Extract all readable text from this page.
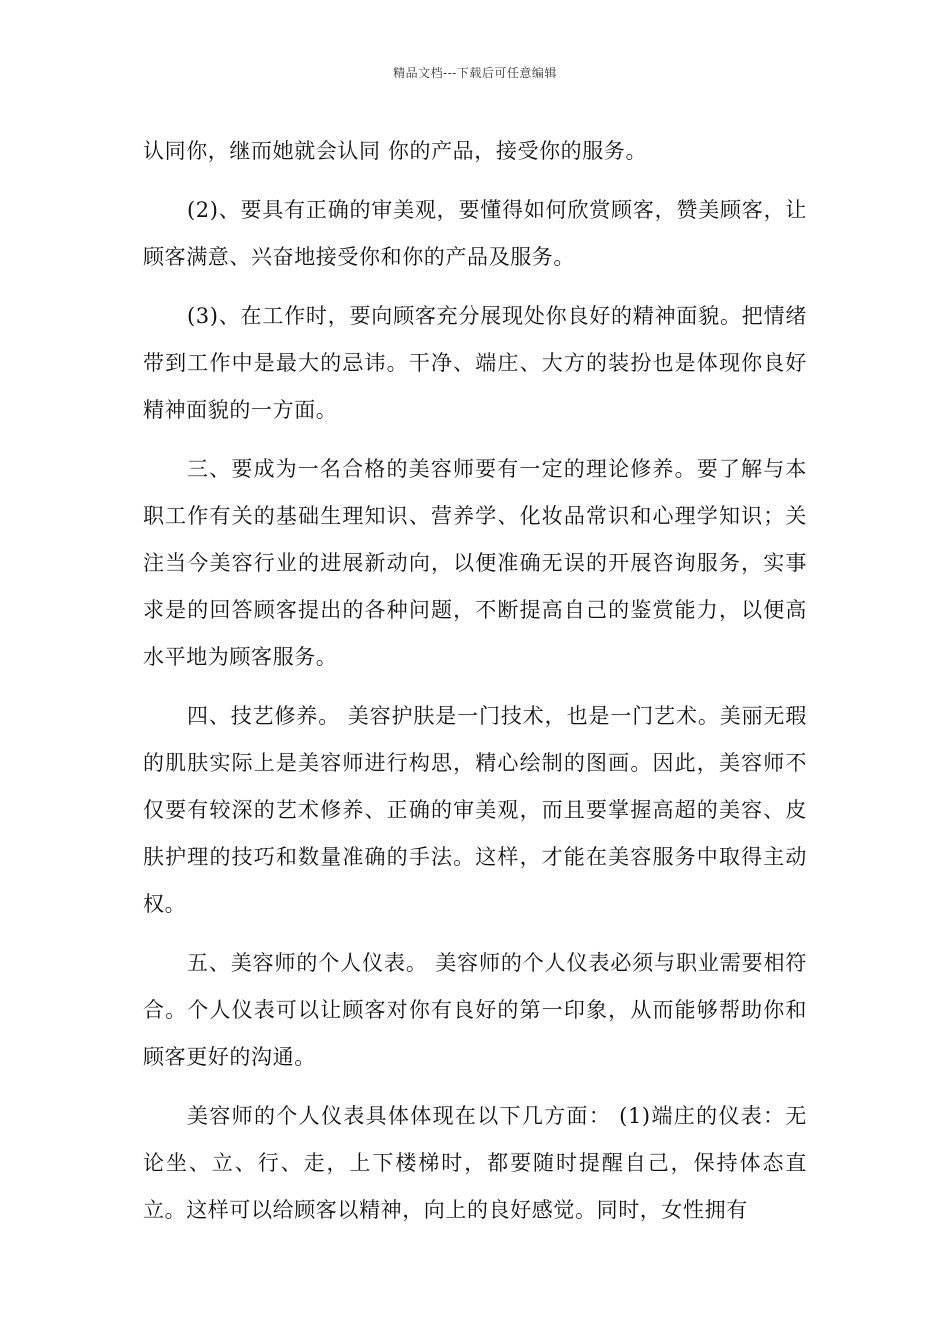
精品文档---下载后可任意编辑

认同你，继而她就会认同 你的产品，接受你的服务。

(2)、要具有正确的审美观，要懂得如何欣赏顾客，赞美顾客，让顾客满意、兴奋地接受你和你的产品及服务。

(3)、在工作时，要向顾客充分展现处你良好的精神面貌。把情绪带到工作中是最大的忌讳。干净、端庄、大方的装扮也是体现你良好精神面貌的一方面。

三、要成为一名合格的美容师要有一定的理论修养。要了解与本职工作有关的基础生理知识、营养学、化妆品常识和心理学知识；关注当今美容行业的进展新动向，以便准确无误的开展咨询服务，实事求是的回答顾客提出的各种问题，不断提高自己的鉴赏能力，以便高水平地为顾客服务。

四、技艺修养。 美容护肤是一门技术，也是一门艺术。美丽无瑕的肌肤实际上是美容师进行构思，精心绘制的图画。因此，美容师不仅要有较深的艺术修养、正确的审美观，而且要掌握高超的美容、皮肤护理的技巧和数量准确的手法。这样，才能在美容服务中取得主动权。

五、美容师的个人仪表。 美容师的个人仪表必须与职业需要相符合。个人仪表可以让顾客对你有良好的第一印象，从而能够帮助你和顾客更好的沟通。

美容师的个人仪表具体体现在以下几方面： (1)端庄的仪表：无论坐、立、行、走，上下楼梯时，都要随时提醒自己，保持体态直立。这样可以给顾客以精神，向上的良好感觉。同时，女性拥有
